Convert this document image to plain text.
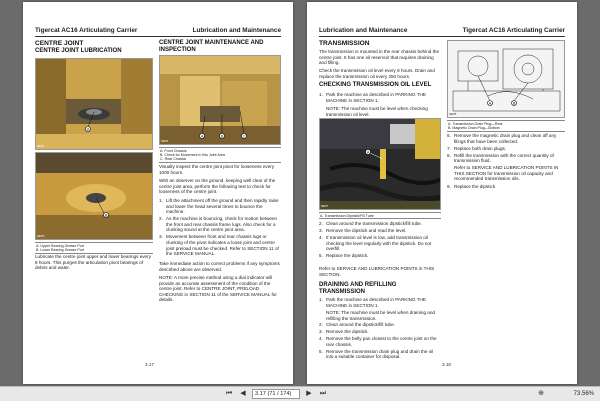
Tigercat AC16 Articulating Carrier	Lubrication and Maintenance
CENTRE JOINT
CENTRE JOINT LUBRICATION
A
0EP4
B
0EP5
A. Upper Bearing Grease Port
B. Lower Bearing Grease Port
Lubricate the centre joint upper and lower bearings every 8 hours. This purges the articulation pivot bearings of debris and water.
CENTRE JOINT MAINTENANCE AND INSPECTION
A	B	C
0EP6
A. Front Chassis
B. Check for Movement in this Joint Area
C. Rear Chassis
Visually inspect the centre joint pivot for looseness every 1000 hours.
With an observer on the ground, keeping well clear of the centre joint area, perform the following test to check for looseness of the centre joint.
1. Lift the attachment off the ground and then rapidly raise and lower the head several times to bounce the machine.
2. As the machine is bouncing, check for motion between the front and rear chassis frame lugs. Also check for a clunking sound at the centre joint area.
3. Movement between front and rear chassis lugs or clunking of the pivot indicates a loose joint and centre joint preload must be checked. Refer to SECTION 11 of the SERVICE MANUAL.
Take immediate action to correct problems if any symptoms described above are observed.
NOTE: A more precise method using a dial indicator will provide an accurate assessment of the condition of the centre joint. Refer to CENTRE JOINT, PRELOAD CHECKING in SECTION 11 of the SERVICE MANUAL for details.
3.17
Lubrication and Maintenance	Tigercat AC16 Articulating Carrier
TRANSMISSION
The transmission is mounted in the rear chassis behind the centre joint. It has one oil reservoir that requires draining and filling.
Check the transmission oil level every 8 hours. Drain and replace the transmission oil every 250 hours.
CHECKING TRANSMISSION OIL LEVEL
1. Park the machine as described in PARKING THE MACHINE in SECTION 1.
NOTE: The machine must be level when checking transmission oil level.
A
0EP7
A. Transmission Dipstick/Fill Tube
2. Clean around the transmission dipstick/fill tube.
3. Remove the dipstick and read the level.
4. If transmission oil level is low, add transmission oil checking the level regularly with the dipstick. Do not overfill.
5. Replace the dipstick.
Refer to SERVICE AND LUBRICATION POINTS in THIS SECTION.
DRAINING AND REFILLING TRANSMISSION
1. Park the machine as described in PARKING THE MACHINE in SECTION 1.
NOTE: The machine must be level when draining and refilling the transmission.
2. Clean around the dipstick/fill tube.
3. Remove the dipstick.
4. Remove the belly pan closest to the centre joint on the rear chassis.
5. Remove the transmission drain plug and drain the oil into a suitable container for disposal.
A	B
0EP8
A. Transmission Drain Plug—Rear
B. Magnetic Drain Plug—Bottom
6. Remove the magnetic drain plug and clean off any filings that have been collected.
7. Replace both drain plugs.
8. Refill the transmission with the correct quantity of transmission fluid.
Refer to SERVICE AND LUBRICATION POINTS IN THIS SECTION for transmission oil capacity and recommended transmission oils.
9. Replace the dipstick
3.18
⏮	◀	3.17 (71 / 174)	▶	⏭	⊕	73.56%
